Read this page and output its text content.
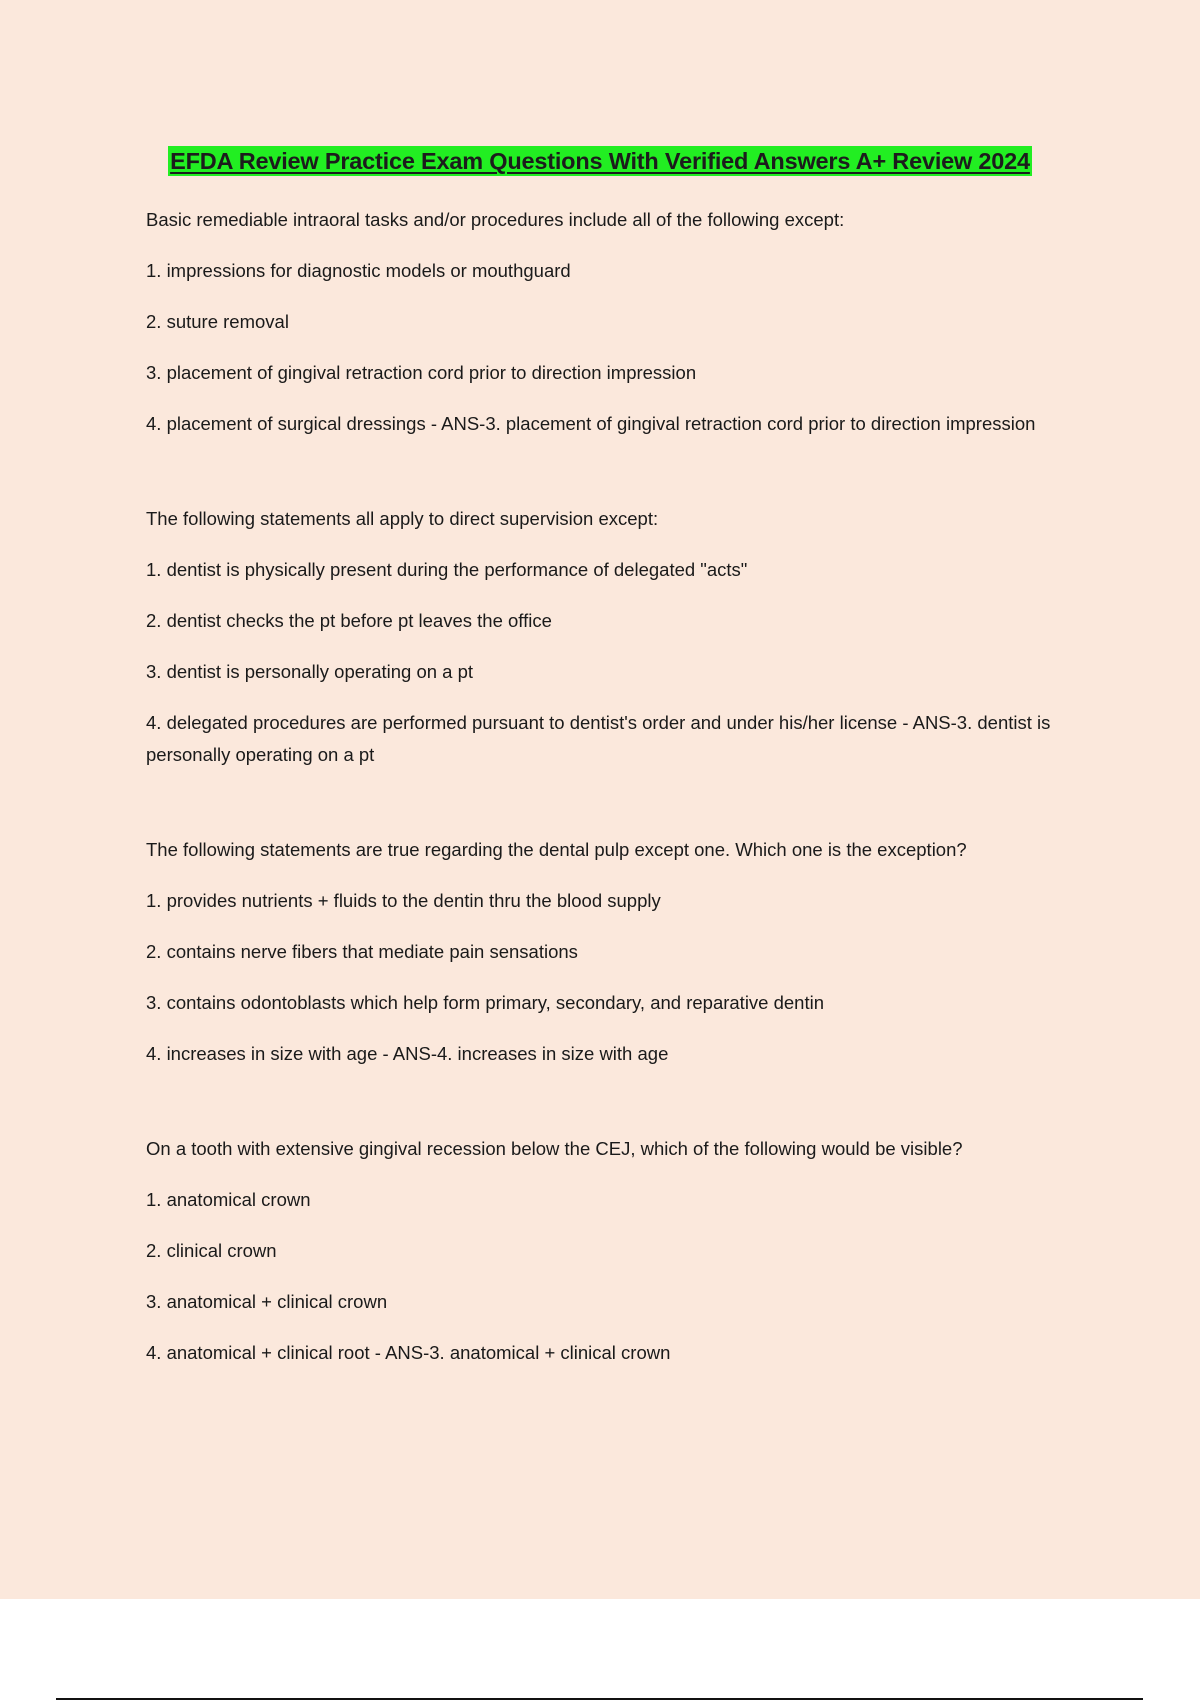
EFDA Review Practice Exam Questions With Verified Answers A+ Review 2024
Basic remediable intraoral tasks and/or procedures include all of the following except:
1. impressions for diagnostic models or mouthguard
2. suture removal
3. placement of gingival retraction cord prior to direction impression
4. placement of surgical dressings - ANS-3. placement of gingival retraction cord prior to direction impression
The following statements all apply to direct supervision except:
1. dentist is physically present during the performance of delegated "acts"
2. dentist checks the pt before pt leaves the office
3. dentist is personally operating on a pt
4. delegated procedures are performed pursuant to dentist's order and under his/her license - ANS-3. dentist is personally operating on a pt
The following statements are true regarding the dental pulp except one. Which one is the exception?
1. provides nutrients + fluids to the dentin thru the blood supply
2. contains nerve fibers that mediate pain sensations
3. contains odontoblasts which help form primary, secondary, and reparative dentin
4. increases in size with age - ANS-4. increases in size with age
On a tooth with extensive gingival recession below the CEJ, which of the following would be visible?
1. anatomical crown
2. clinical crown
3. anatomical + clinical crown
4. anatomical + clinical root - ANS-3. anatomical + clinical crown
